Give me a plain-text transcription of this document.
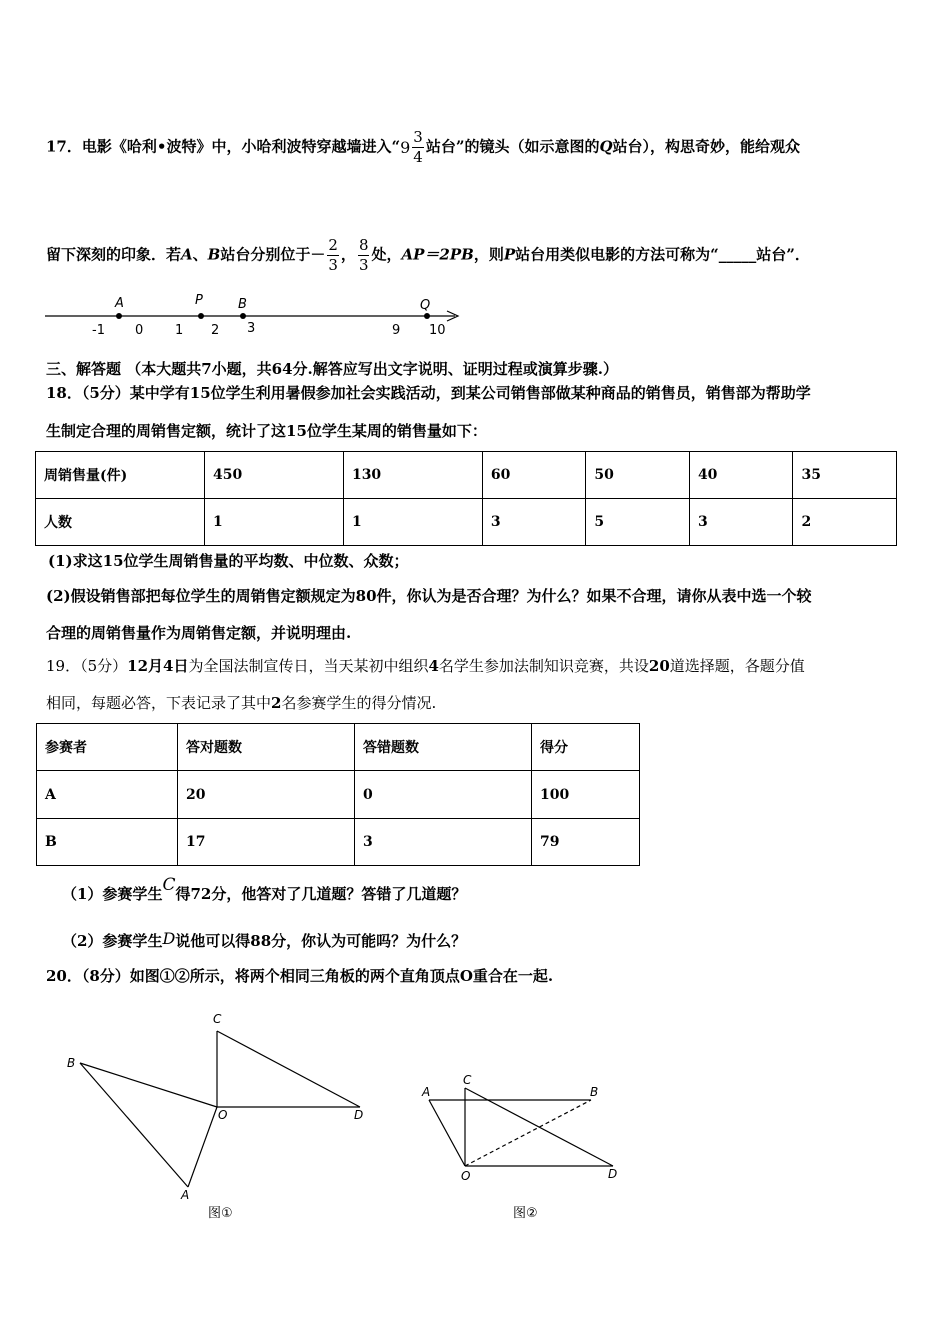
17．电影《哈利•波特》中，小哈利波特穿越墙进入“$9 \frac{3}{4}$ 站台”的镜头（如示意图的Q站台），构思奇妙，能给观众
留下深刻的印象．若A、B站台分别位于－ $\frac{2}{3}$ ， $\frac{8}{3}$ 处，AP＝2PB，则P站台用类似电影的方法可称为“_____站台”．
A	P	B	Q
-1 0 1 2 3	9 10
三、解答题 （本大题共7小题，共64分.解答应写出文字说明、证明过程或演算步骤.）
18．（5分）某中学有15位学生利用暑假参加社会实践活动，到某公司销售部做某种商品的销售员，销售部为帮助学
生制定合理的周销售定额，统计了这15位学生某周的销售量如下：
周销售量(件)	450	130	60	50	40	35
人数	1	1	3	5	3	2
(1)求这15位学生周销售量的平均数、中位数、众数；
(2)假设销售部把每位学生的周销售定额规定为80件，你认为是否合理？为什么？如果不合理，请你从表中选一个较
合理的周销售量作为周销售定额，并说明理由.
19．（5分）12月4日为全国法制宣传日，当天某初中组织4名学生参加法制知识竞赛，共设20道选择题，各题分值
相同，每题必答，下表记录了其中2名参赛学生的得分情况.
参赛者	答对题数	答错题数	得分
A	20	0	100
B	17	3	79
（1）参赛学生C得72分，他答对了几道题？答错了几道题？
（2）参赛学生D说他可以得88分，你认为可能吗？为什么？
20．（8分）如图①②所示，将两个相同三角板的两个直角顶点O重合在一起.
C
B
O	D
A
图①
A
C
B
O	D
图②
